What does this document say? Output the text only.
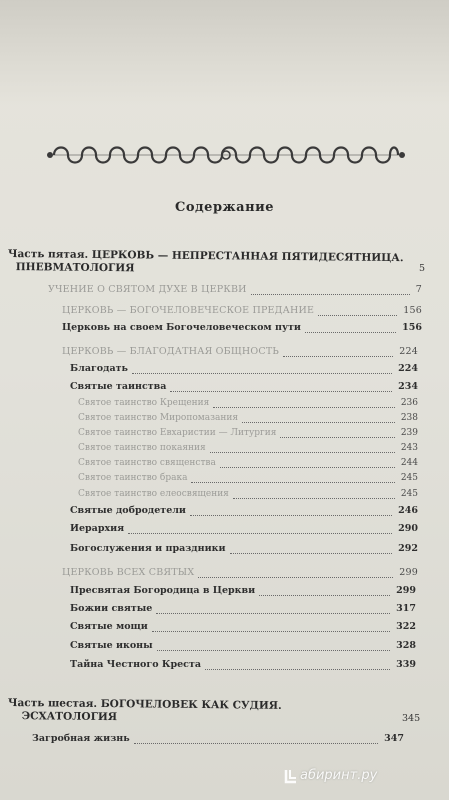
Содержание
Часть пятая. ЦЕРКОВЬ — НЕПРЕСТАННАЯ ПЯТИДЕСЯТНИЦА.
ПНЕВМАТОЛОГИЯ	5
УЧЕНИЕ О СВЯТОМ ДУХЕ В ЦЕРКВИ	7
ЦЕРКОВЬ — БОГОЧЕЛОВЕЧЕСКОЕ ПРЕДАНИЕ	156
Церковь на своем Богочеловеческом пути	156
ЦЕРКОВЬ — БЛАГОДАТНАЯ ОБЩНОСТЬ	224
Благодать	224
Святые таинства	234
Святое таинство Крещения	236
Святое таинство Миропомазания	238
Святое таинство Евхаристии — Литургия	239
Святое таинство покаяния	243
Святое таинство священства	244
Святое таинство брака	245
Святое таинство елеосвящения	245
Святые добродетели	246
Иерархия	290
Богослужения и праздники	292
ЦЕРКОВЬ ВСЕХ СВЯТЫХ	299
Пресвятая Богородица в Церкви	299
Божии святые	317
Святые мощи	322
Святые иконы	328
Тайна Честного Креста	339
Часть шестая. БОГОЧЕЛОВЕК КАК СУДИЯ.
ЭСХАТОЛОГИЯ	345
Загробная жизнь	347
абиринт.ру
